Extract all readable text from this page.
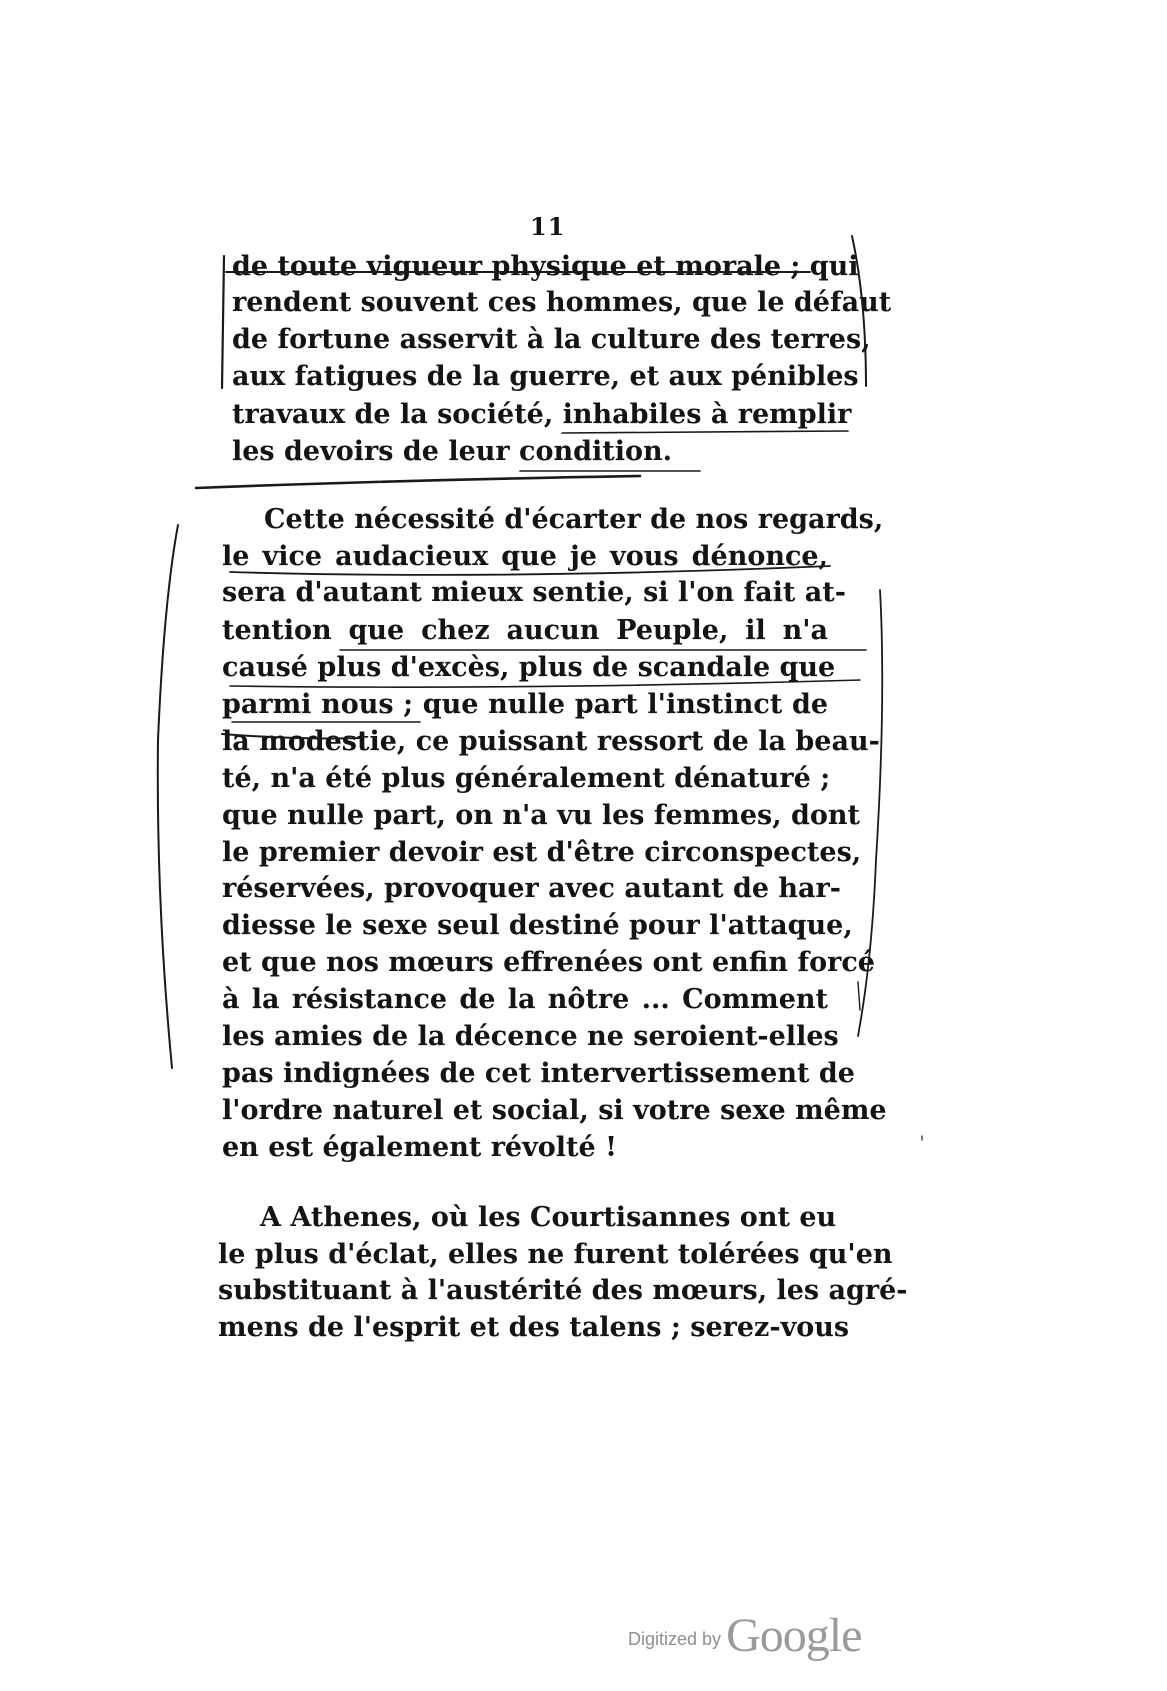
11
de toute vigueur physique et morale ; qui
rendent souvent ces hommes, que le défaut
de fortune asservit à la culture des terres,
aux fatigues de la guerre, et aux pénibles
travaux de la société, inhabiles à remplir
les devoirs de leur condition.
Cette nécessité d'écarter de nos regards,
le vice audacieux que je vous dénonce,
sera d'autant mieux sentie, si l'on fait at-
tention que chez aucun Peuple, il n'a
causé plus d'excès, plus de scandale que
parmi nous ; que nulle part l'instinct de
la modestie, ce puissant ressort de la beau-
té, n'a été plus généralement dénaturé ;
que nulle part, on n'a vu les femmes, dont
le premier devoir est d'être circonspectes,
réservées, provoquer avec autant de har-
diesse le sexe seul destiné pour l'attaque,
et que nos mœurs effrenées ont enfin forcé
à la résistance de la nôtre ... Comment
les amies de la décence ne seroient-elles
pas indignées de cet intervertissement de
l'ordre naturel et social, si votre sexe même
en est également révolté !
A Athenes, où les Courtisannes ont eu
le plus d'éclat, elles ne furent tolérées qu'en
substituant à l'austérité des mœurs, les agré-
mens de l'esprit et des talens ; serez-vous
Digitized by Google
